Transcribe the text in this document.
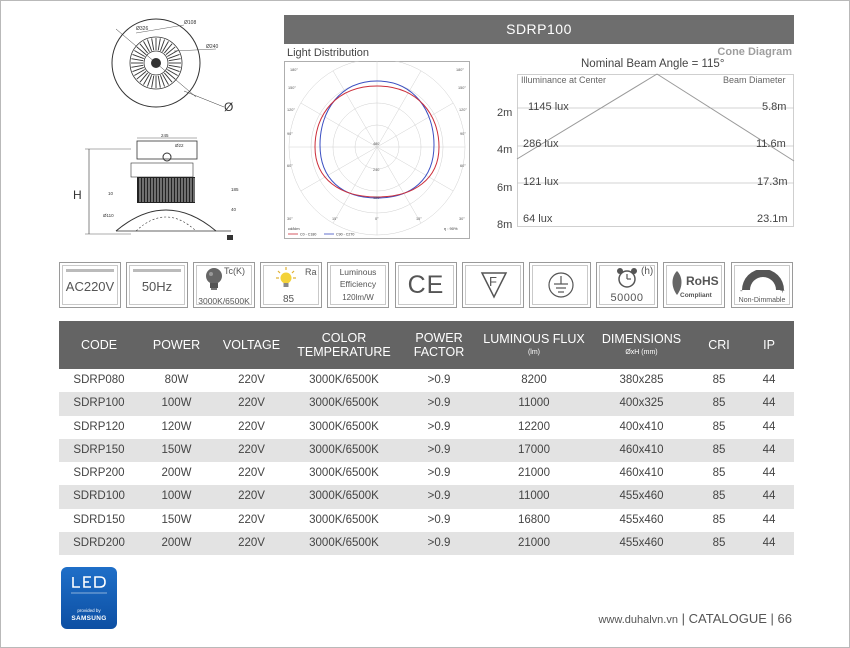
Ø326
Ø108
Ø240
Ø
H
245
Ø22
185
10
Ø110
40
SDRP100
Light Distribution
180°	180°
150°	150°
120°	120°
90°	90°
60°	60°
30°	30°
0°
15°	15°
480
240
120
cd/klm
C0 - C180	C90 - C270
η : 90%
Cone Diagram
Nominal Beam Angle = 115°
Illuminance at Center	Beam Diameter
2m 1145 lux	5.8m
4m 286 lux	11.6m
6m 121 lux	17.3m
8m 64 lux	23.1m
AC220V	50Hz
Tc(K)
3000K/6500K
Ra
85
Luminous
Efficiency
120lm/W	CE	F
(h)
50000
RoHS
Compliant
-	+
Non-Dimmable
CODE	POWER VOLTAGE	COLOR
TEMPERATURE
POWER
FACTOR
LUMINOUS FLUX
(lm)
DIMENSIONS
ØxH (mm)
CRI	IP
SDRP080	80W	220V	3000K/6500K	>0.9	8200	380x285	85	44
SDRP100	100W	220V	3000K/6500K	>0.9	11000	400x325	85	44
SDRP120	120W	220V	3000K/6500K	>0.9	12200	400x410	85	44
SDRP150	150W	220V	3000K/6500K	>0.9	17000	460x410	85	44
SDRP200	200W	220V	3000K/6500K	>0.9	21000	460x410	85	44
SDRD100	100W	220V	3000K/6500K	>0.9	11000	455x460	85	44
SDRD150	150W	220V	3000K/6500K	>0.9	16800	455x460	85	44
SDRD200	200W	220V	3000K/6500K	>0.9	21000	455x460	85	44
provided by
SAMSUNG	www.duhalvn.vn | CATALOGUE | 66
